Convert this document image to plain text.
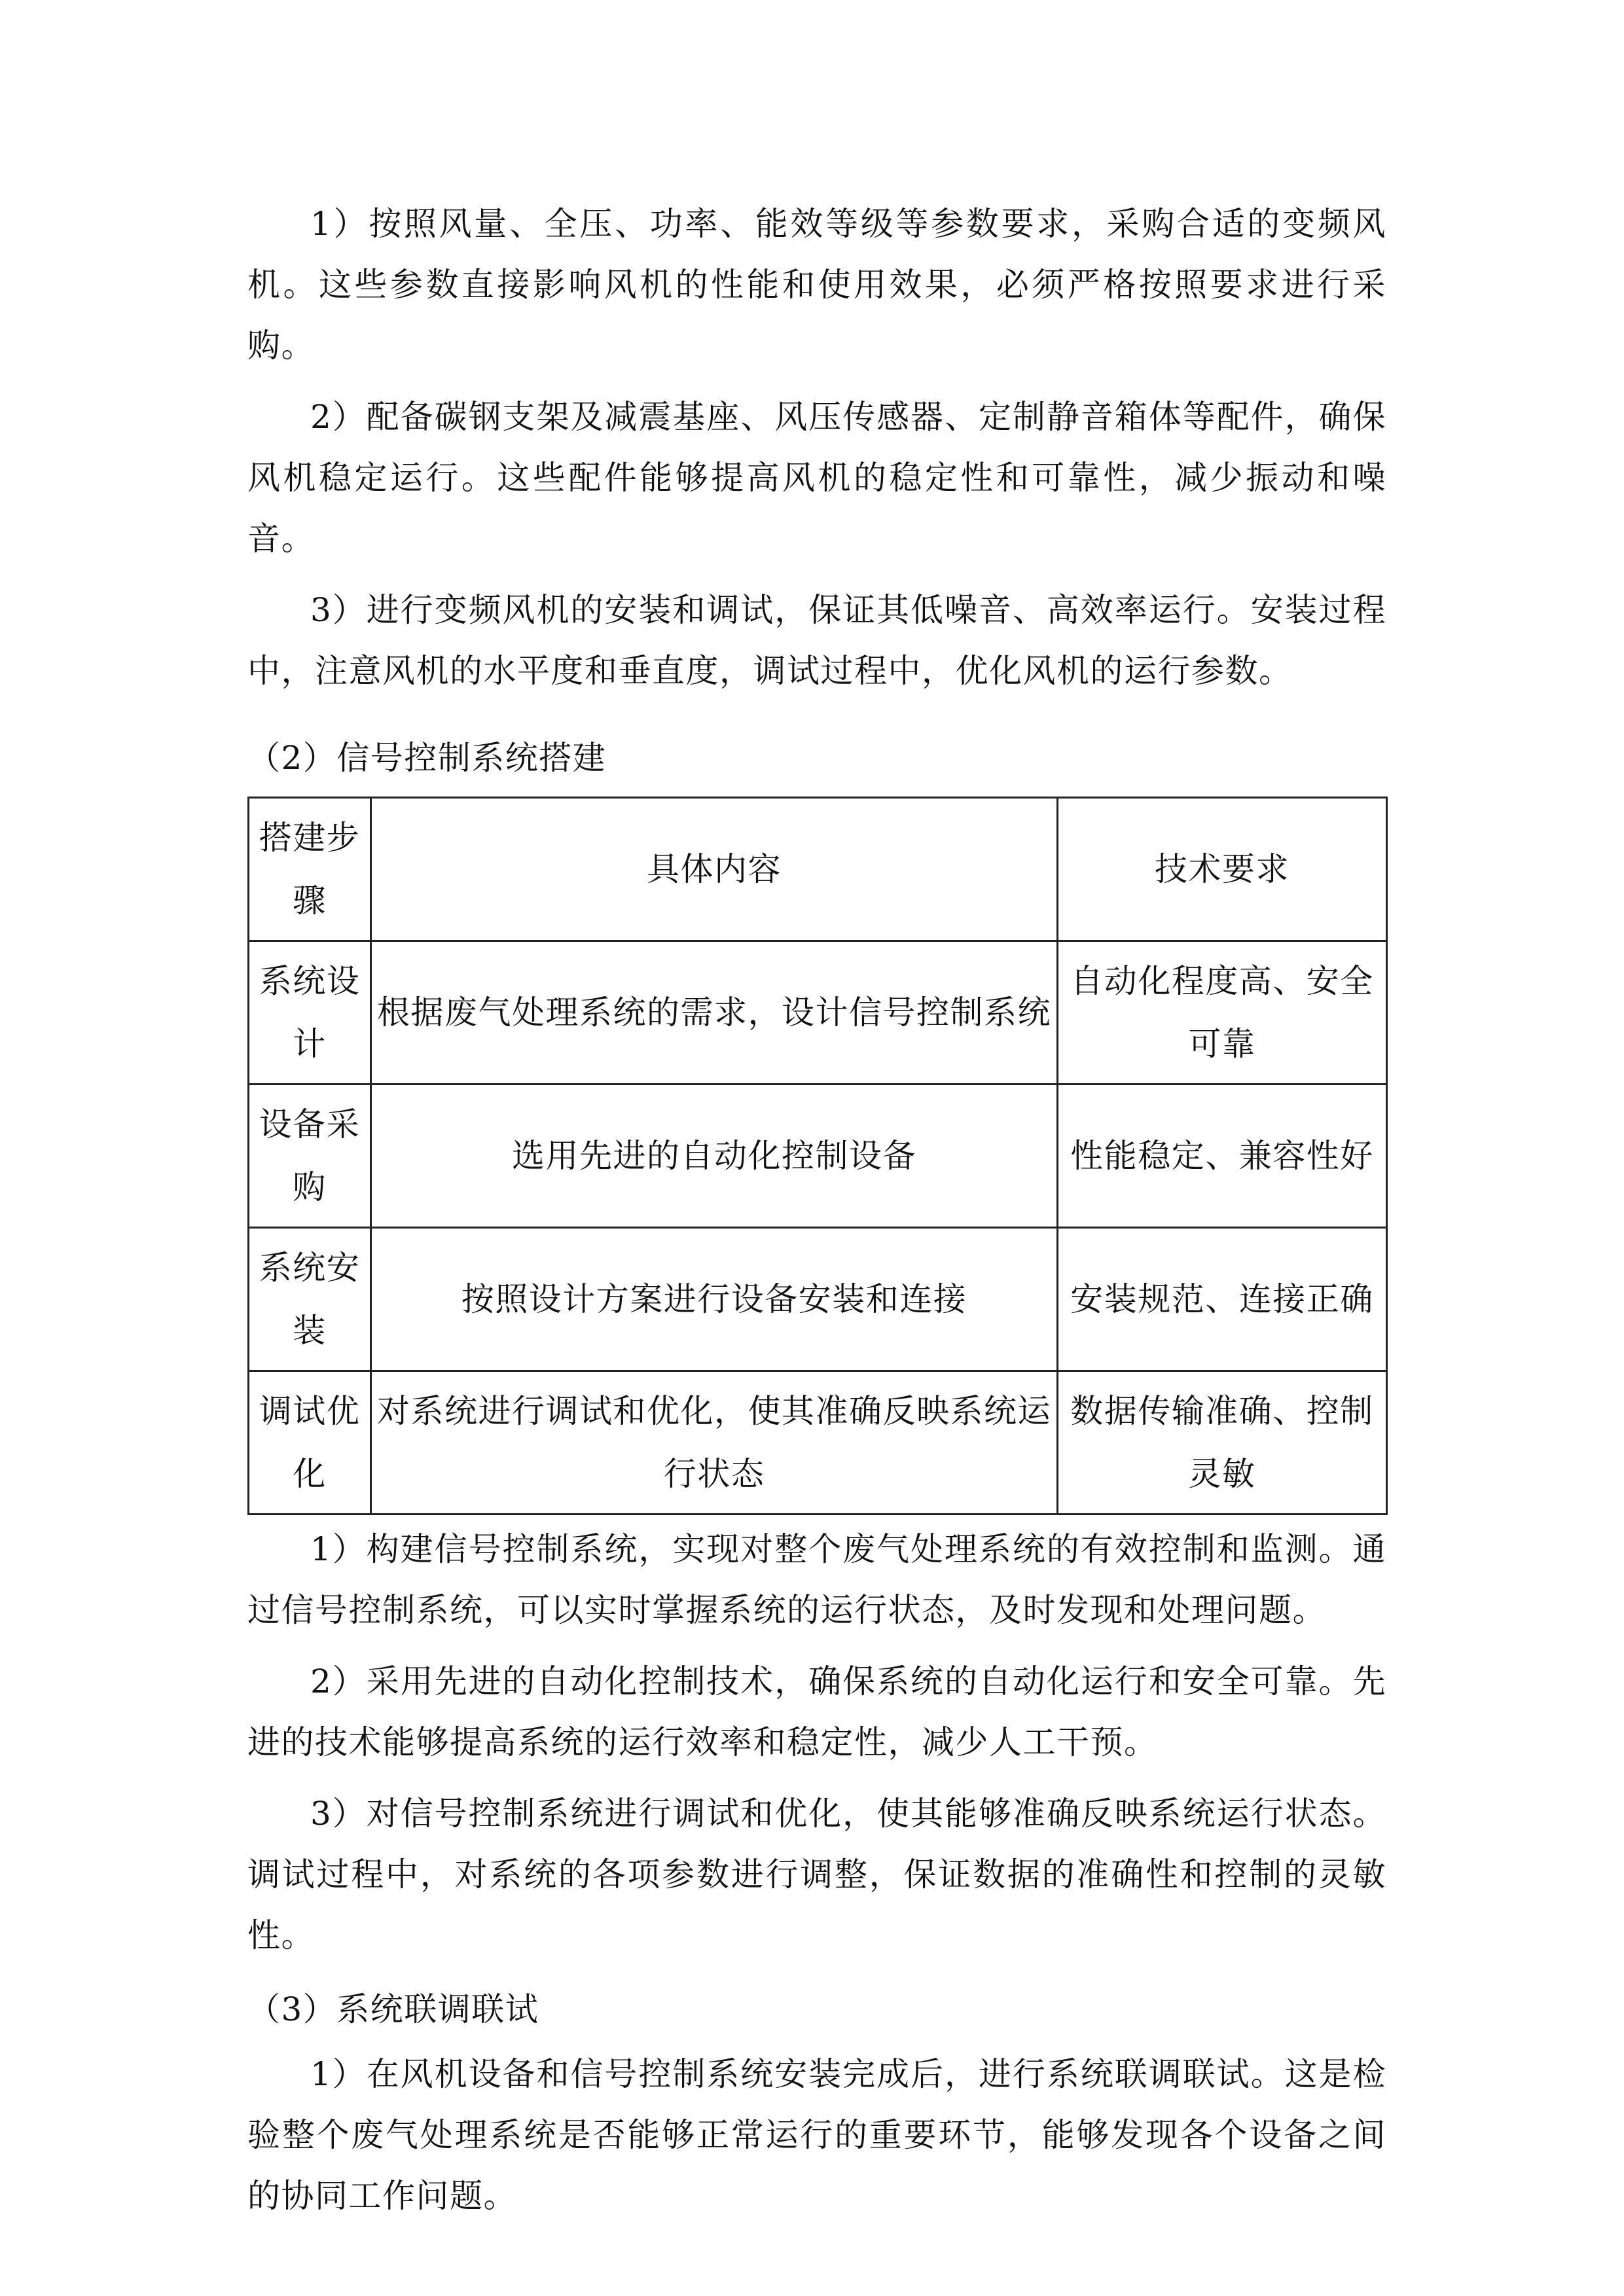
1）按照风量、全压、功率、能效等级等参数要求，采购合适的变频风机。这些参数直接影响风机的性能和使用效果，必须严格按照要求进行采购。

2）配备碳钢支架及减震基座、风压传感器、定制静音箱体等配件，确保风机稳定运行。这些配件能够提高风机的稳定性和可靠性，减少振动和噪音。

3）进行变频风机的安装和调试，保证其低噪音、高效率运行。安装过程中，注意风机的水平度和垂直度，调试过程中，优化风机的运行参数。

（2）信号控制系统搭建
搭建步骤	具体内容	技术要求
系统设计	根据废气处理系统的需求，设计信号控制系统	自动化程度高、安全可靠
设备采购	选用先进的自动化控制设备	性能稳定、兼容性好
系统安装	按照设计方案进行设备安装和连接	安装规范、连接正确
调试优化	对系统进行调试和优化，使其准确反映系统运行状态	数据传输准确、控制灵敏

1）构建信号控制系统，实现对整个废气处理系统的有效控制和监测。通过信号控制系统，可以实时掌握系统的运行状态，及时发现和处理问题。

2）采用先进的自动化控制技术，确保系统的自动化运行和安全可靠。先进的技术能够提高系统的运行效率和稳定性，减少人工干预。

3）对信号控制系统进行调试和优化，使其能够准确反映系统运行状态。调试过程中，对系统的各项参数进行调整，保证数据的准确性和控制的灵敏性。

（3）系统联调联试

1）在风机设备和信号控制系统安装完成后，进行系统联调联试。这是检验整个废气处理系统是否能够正常运行的重要环节，能够发现各个设备之间的协同工作问题。
